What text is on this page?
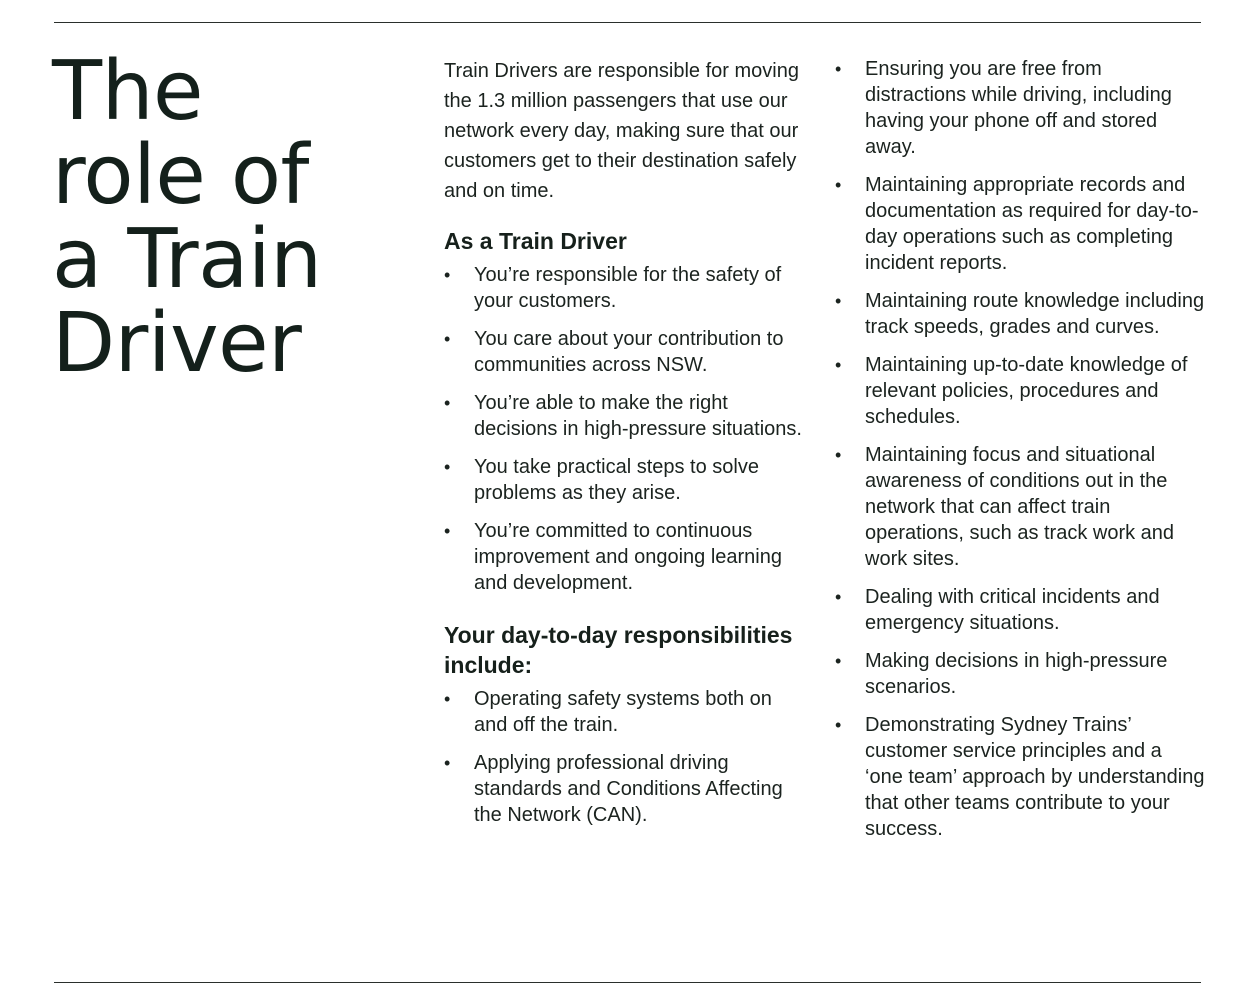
The
role of
a Train
Driver

Train Drivers are responsible for moving the 1.3 million passengers that use our network every day, making sure that our customers get to their destination safely and on time.

As a Train Driver
• You’re responsible for the safety of your customers.
• You care about your contribution to communities across NSW.
• You’re able to make the right decisions in high-pressure situations.
• You take practical steps to solve problems as they arise.
• You’re committed to continuous improvement and ongoing learning and development.
Your day-to-day responsibilities include:
• Operating safety systems both on and off the train.
• Applying professional driving standards and Conditions Affecting the Network (CAN).
• Ensuring you are free from distractions while driving, including having your phone off and stored away.
• Maintaining appropriate records and documentation as required for day-to-day operations such as completing incident reports.
• Maintaining route knowledge including track speeds, grades and curves.
• Maintaining up-to-date knowledge of relevant policies, procedures and schedules.
• Maintaining focus and situational awareness of conditions out in the network that can affect train operations, such as track work and work sites.
• Dealing with critical incidents and emergency situations.
• Making decisions in high-pressure scenarios.
• Demonstrating Sydney Trains’ customer service principles and a ‘one team’ approach by understanding that other teams contribute to your success.
